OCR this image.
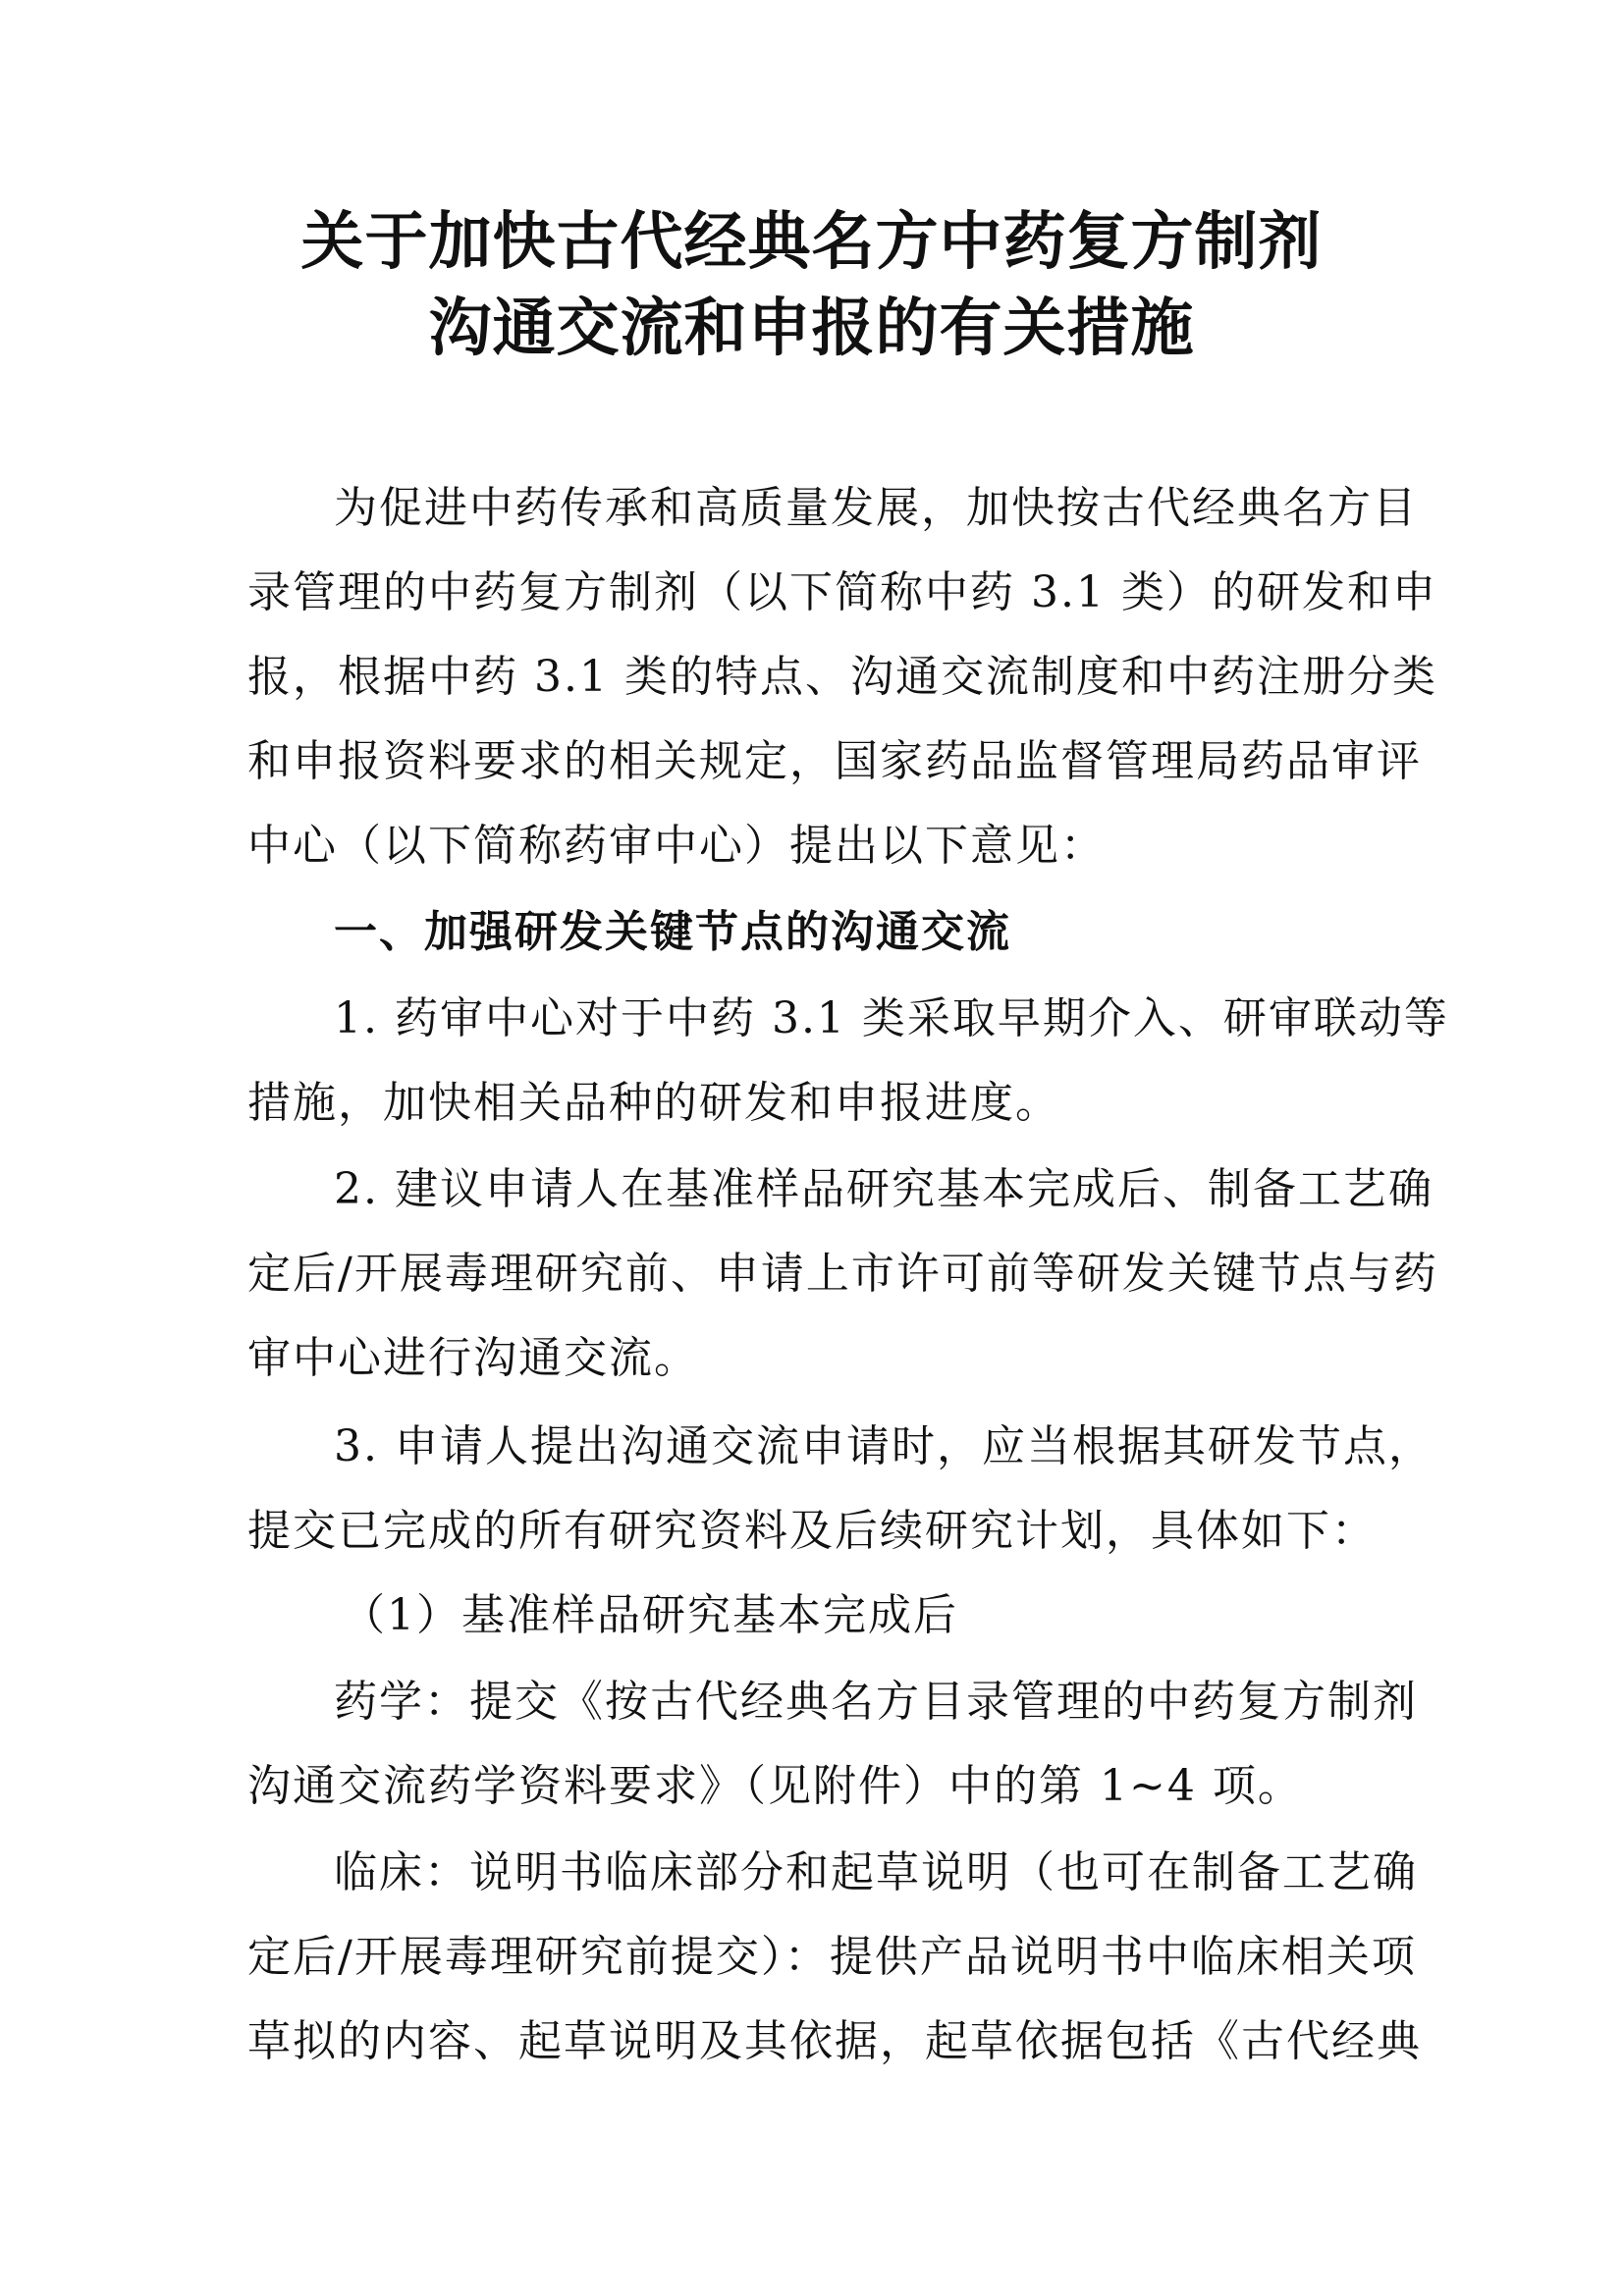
关于加快古代经典名方中药复方制剂
沟通交流和申报的有关措施
为促进中药传承和高质量发展，加快按古代经典名方目
录管理的中药复方制剂（以下简称中药 3.1 类）的研发和申
报，根据中药 3.1 类的特点、沟通交流制度和中药注册分类
和申报资料要求的相关规定，国家药品监督管理局药品审评
中心（以下简称药审中心）提出以下意见：
一、加强研发关键节点的沟通交流
1. 药审中心对于中药 3.1 类采取早期介入、研审联动等
措施，加快相关品种的研发和申报进度。
2. 建议申请人在基准样品研究基本完成后、制备工艺确
定后/开展毒理研究前、申请上市许可前等研发关键节点与药
审中心进行沟通交流。
3. 申请人提出沟通交流申请时，应当根据其研发节点，
提交已完成的所有研究资料及后续研究计划，具体如下：
（1）基准样品研究基本完成后
药学：提交《按古代经典名方目录管理的中药复方制剂
沟通交流药学资料要求》（见附件）中的第 1~4 项。
临床：说明书临床部分和起草说明（也可在制备工艺确
定后/开展毒理研究前提交）：提供产品说明书中临床相关项
草拟的内容、起草说明及其依据，起草依据包括《古代经典
